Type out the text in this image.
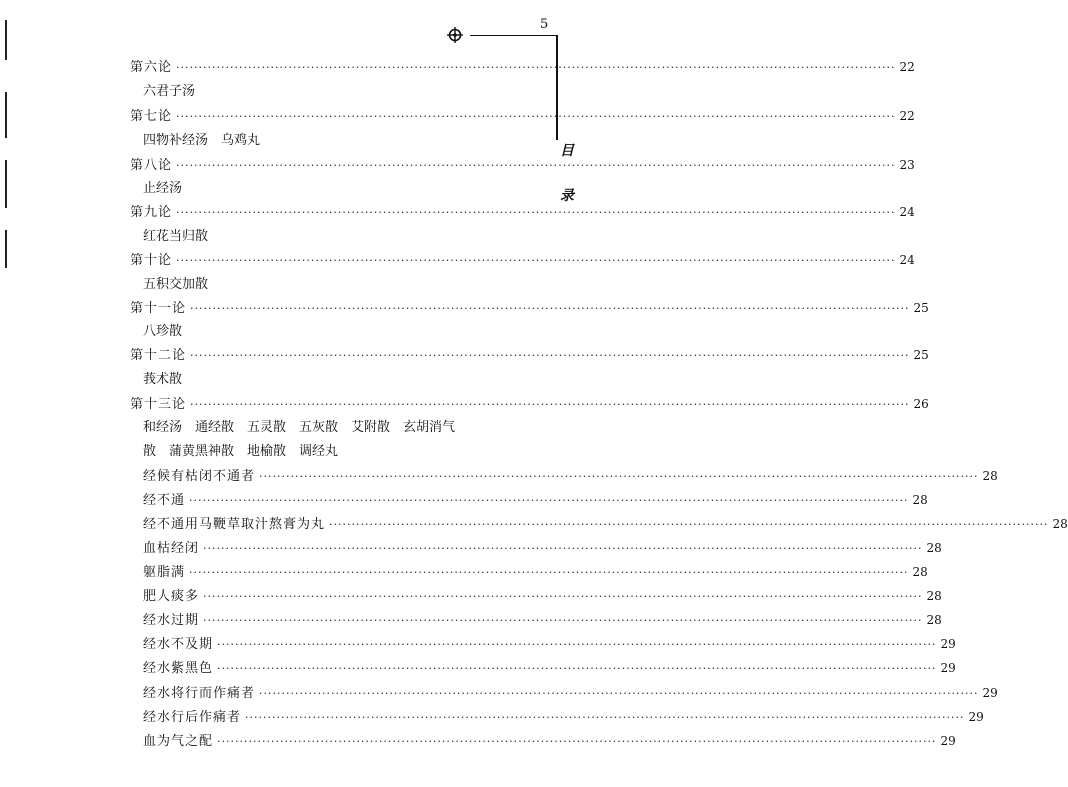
5
目
录
第六论 ································································································································································ 22
六君子汤
第七论 ································································································································································ 22
四物补经汤　乌鸡丸
第八论 ································································································································································ 23
止经汤
第九论 ································································································································································ 24
红花当归散
第十论 ································································································································································ 24
五积交加散
第十一论 ································································································································································ 25
八珍散
第十二论 ································································································································································ 25
莪术散
第十三论 ································································································································································ 26
和经汤　通经散　五灵散　五灰散　艾附散　玄胡消气
散　蒲黄黑神散　地榆散　调经丸
经候有枯闭不通者 ································································································································································ 28
经不通 ································································································································································ 28
经不通用马鞭草取汁熬膏为丸 ································································································································································ 28
血枯经闭 ································································································································································ 28
躯脂满 ································································································································································ 28
肥人痰多 ································································································································································ 28
经水过期 ································································································································································ 28
经水不及期 ································································································································································ 29
经水紫黑色 ································································································································································ 29
经水将行而作痛者 ································································································································································ 29
经水行后作痛者 ································································································································································ 29
血为气之配 ································································································································································ 29
